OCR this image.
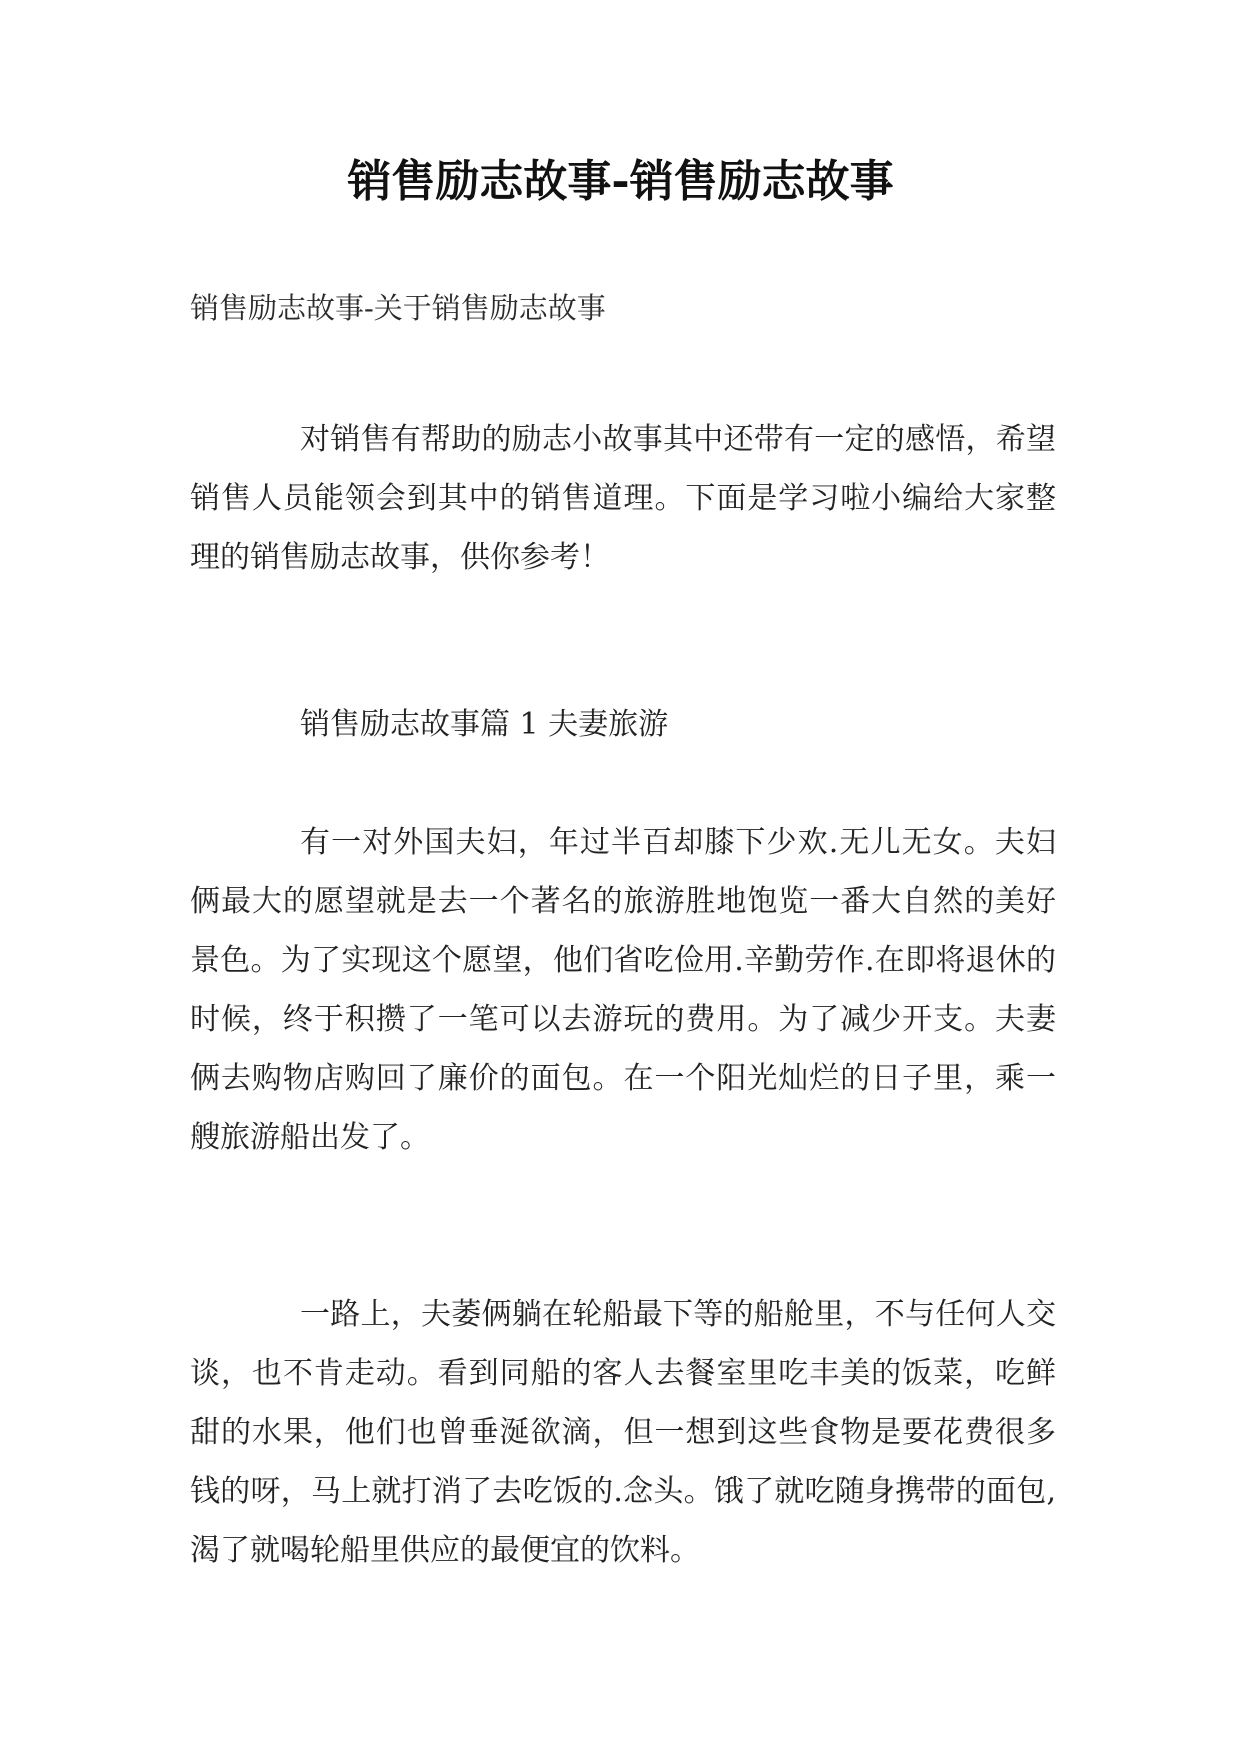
销售励志故事-销售励志故事

销售励志故事-关于销售励志故事

对销售有帮助的励志小故事其中还带有一定的感悟，希望销售人员能领会到其中的销售道理。下面是学习啦小编给大家整理的销售励志故事，供你参考！

销售励志故事篇 1 夫妻旅游

有一对外国夫妇，年过半百却膝下少欢.无儿无女。夫妇俩最大的愿望就是去一个著名的旅游胜地饱览一番大自然的美好景色。为了实现这个愿望，他们省吃俭用.辛勤劳作.在即将退休的时候，终于积攒了一笔可以去游玩的费用。为了减少开支。夫妻俩去购物店购回了廉价的面包。在一个阳光灿烂的日子里，乘一艘旅游船出发了。

一路上，夫萎俩躺在轮船最下等的船舱里，不与任何人交谈，也不肯走动。看到同船的客人去餐室里吃丰美的饭菜，吃鲜甜的水果，他们也曾垂涎欲滴，但一想到这些食物是要花费很多钱的呀，马上就打消了去吃饭的.念头。饿了就吃随身携带的面包,渴了就喝轮船里供应的最便宜的饮料。
